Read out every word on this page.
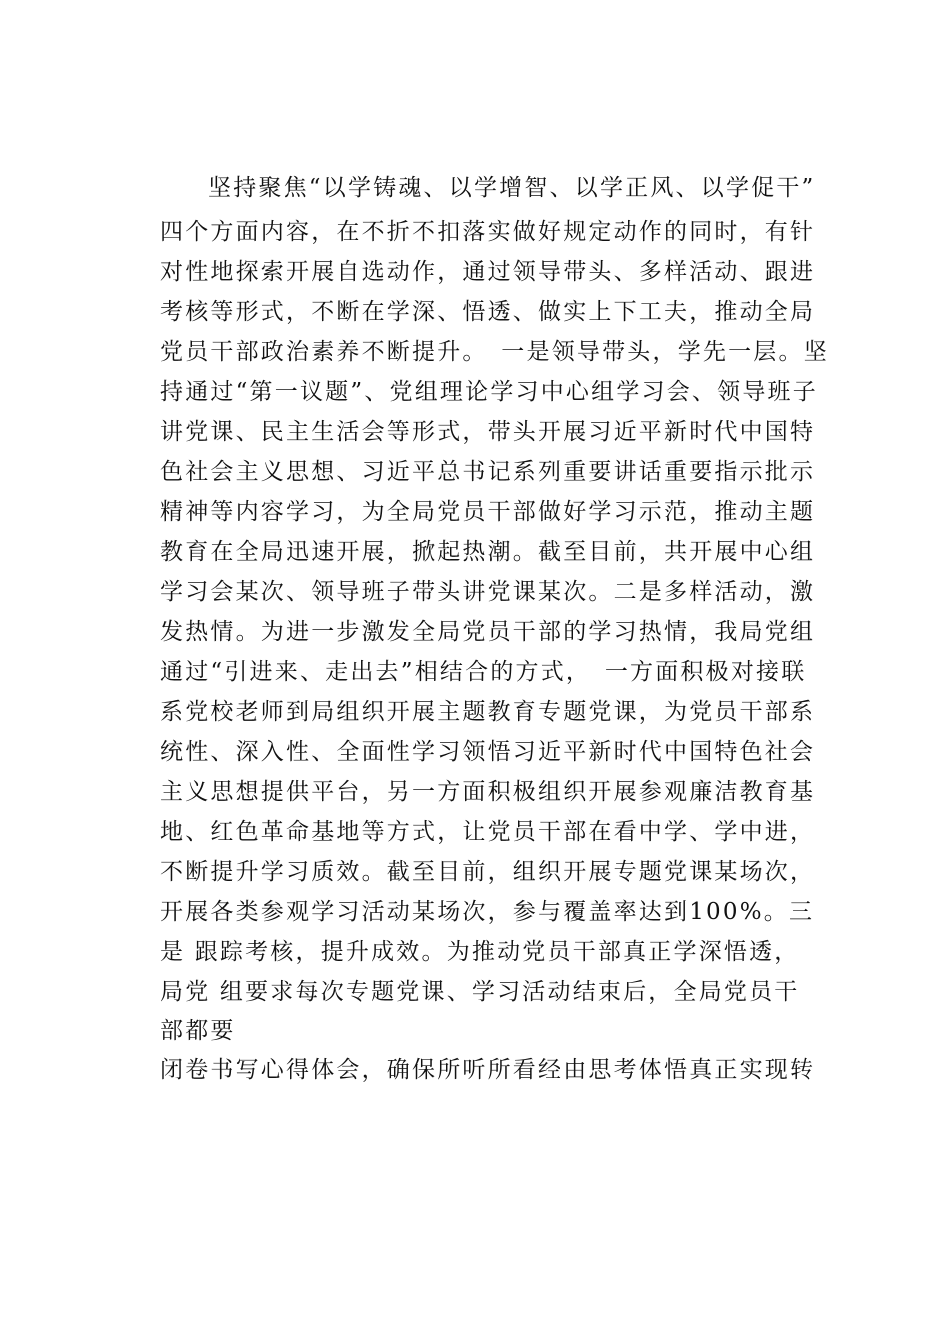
坚持聚焦“以学铸魂、以学增智、以学正风、以学促干”
四个方面内容，在不折不扣落实做好规定动作的同时，有针
对性地探索开展自选动作，通过领导带头、多样活动、跟进
考核等形式，不断在学深、悟透、做实上下工夫，推动全局
党员干部政治素养不断提升。　一是领导带头，学先一层。坚
持通过“第一议题”、党组理论学习中心组学习会、领导班子
讲党课、民主生活会等形式，带头开展习近平新时代中国特
色社会主义思想、习近平总书记系列重要讲话重要指示批示
精神等内容学习，为全局党员干部做好学习示范，推动主题
教育在全局迅速开展，掀起热潮。截至目前，共开展中心组
学习会某次、领导班子带头讲党课某次。二是多样活动，激
发热情。为进一步激发全局党员干部的学习热情，我局党组
通过“引进来、走出去”相结合的方式，　一方面积极对接联
系党校老师到局组织开展主题教育专题党课，为党员干部系
统性、深入性、全面性学习领悟习近平新时代中国特色社会
主义思想提供平台，另一方面积极组织开展参观廉洁教育基
地、红色革命基地等方式，让党员干部在看中学、学中进，
不断提升学习质效。截至目前，组织开展专题党课某场次，
开展各类参观学习活动某场次，参与覆盖率达到100%。三
是 跟踪考核，提升成效。为推动党员干部真正学深悟透，
局党 组要求每次专题党课、学习活动结束后，全局党员干
部都要
闭卷书写心得体会，确保所听所看经由思考体悟真正实现转
